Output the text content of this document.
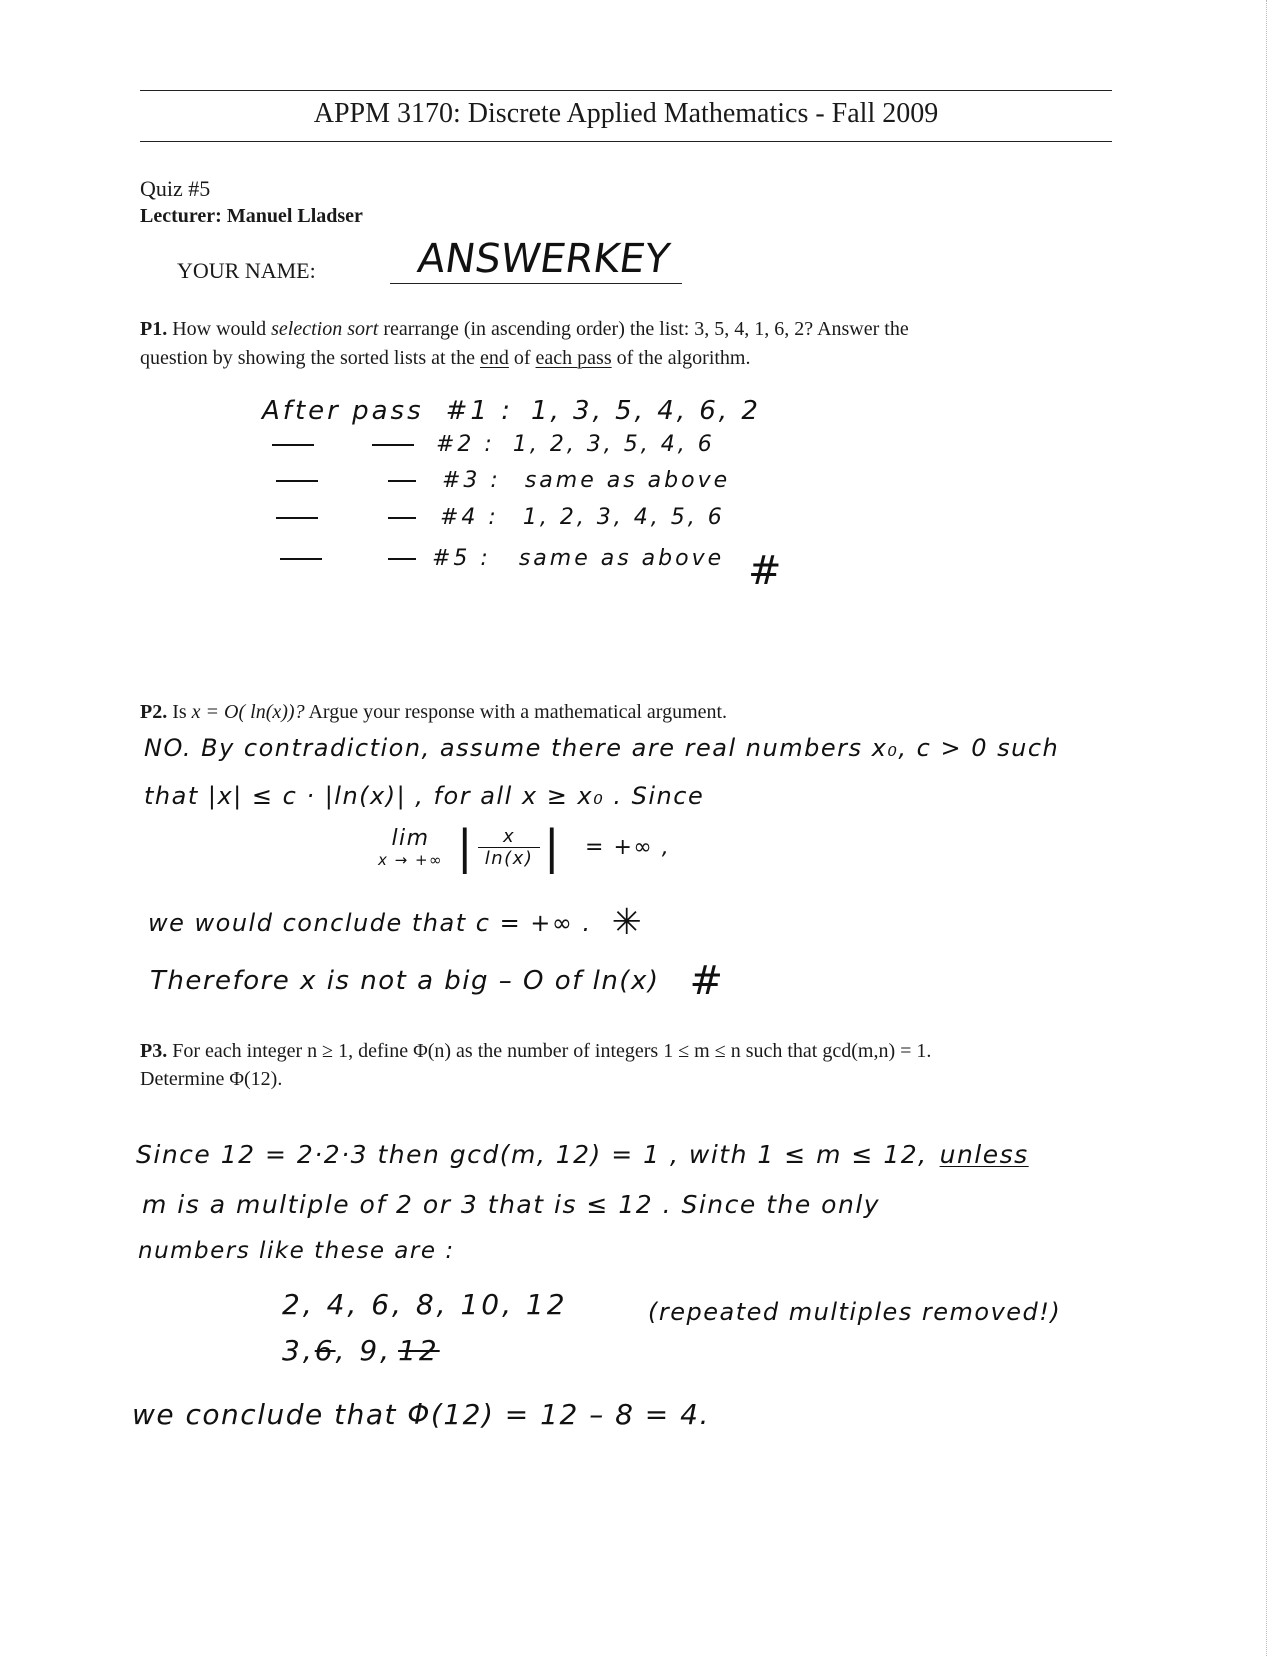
APPM 3170: Discrete Applied Mathematics - Fall 2009
Quiz #5
Lecturer: Manuel Lladser
YOUR NAME: ANSWERKEY
P1. How would selection sort rearrange (in ascending order) the list: 3, 5, 4, 1, 6, 2? Answer the
question by showing the sorted lists at the end of each pass of the algorithm.
After pass #1 : 1, 3, 5, 4, 6, 2
#2 : 1, 2, 3, 5, 4, 6
#3 : same as above
#4 : 1, 2, 3, 4, 5, 6
#5 : same as above #
P2. Is x = O( ln(x))? Argue your response with a mathematical argument.
NO. By contradiction, assume there are real numbers x₀, c > 0 such
that |x| ≤ c · |ln(x)| , for all x ≥ x₀ . Since
lim
x → +∞ | x
ln(x) | = +∞ ,
we would conclude that c = +∞ . ✳
Therefore x is not a big – O of ln(x) #
P3. For each integer n ≥ 1, define Φ(n) as the number of integers 1 ≤ m ≤ n such that gcd(m,n) = 1.
Determine Φ(12).
Since 12 = 2·2·3 then gcd(m, 12) = 1 , with 1 ≤ m ≤ 12, unless
m is a multiple of 2 or 3 that is ≤ 12 . Since the only
numbers like these are :
2, 4, 6, 8, 10, 12
3, 6 , 9, 12
(repeated multiples removed!)
we conclude that Φ(12) = 12 – 8 = 4.
